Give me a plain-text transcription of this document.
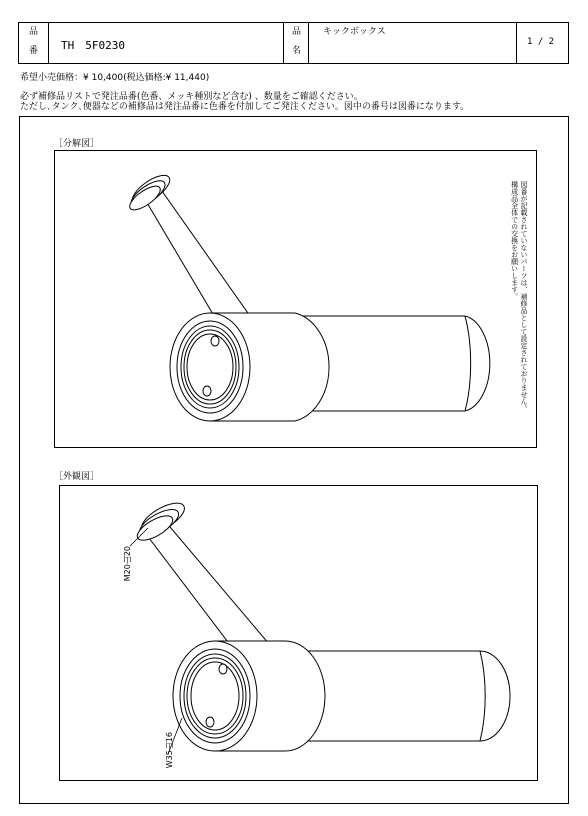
品
番 TH　5F0230
品
名
キックボックス
1 / 2
希望小売価格：¥ 10,400(税込価格:¥ 11,440)
必ず補修品リストで発注品番(色番、メッキ種別など含む) 、数量をご確認ください。
ただし､タンク､便器などの補修品は発注品番に色番を付加してご発注ください。図中の番号は図番になります。
［分解図］
図番が記載されていないパーツは、補修品として設定されておりません。
構成品全体での交換をお願いします。
［外観図］
M20山20
W35山16
